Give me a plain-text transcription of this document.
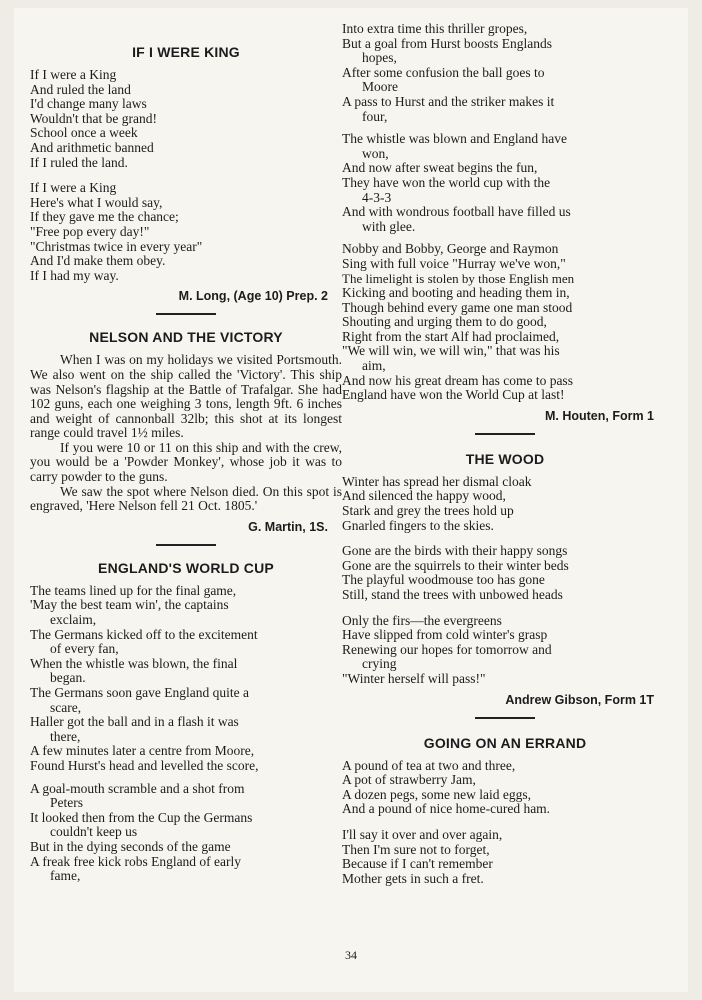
IF I WERE KING
If I were a King
And ruled the land
I'd change many laws
Wouldn't that be grand!
School once a week
And arithmetic banned
If I ruled the land.
If I were a King
Here's what I would say,
If they gave me the chance;
"Free pop every day!"
"Christmas twice in every year"
And I'd make them obey.
If I had my way.
M. Long, (Age 10) Prep. 2
NELSON AND THE VICTORY

When I was on my holidays we visited Portsmouth. We also went on the ship called the 'Victory'. This ship was Nelson's flagship at the Battle of Trafalgar. She had 102 guns, each one weighing 3 tons, length 9ft. 6 inches and weight of cannonball 32lb; this shot at its longest range could travel 1½ miles.

If you were 10 or 11 on this ship and with the crew, you would be a 'Powder Monkey', whose job it was to carry powder to the guns.

We saw the spot where Nelson died. On this spot is engraved, 'Here Nelson fell 21 Oct. 1805.'

G. Martin, 1S.
ENGLAND'S WORLD CUP
The teams lined up for the final game,
'May the best team win', the captains
exclaim,
The Germans kicked off to the excitement
of every fan,
When the whistle was blown, the final
began.
The Germans soon gave England quite a
scare,
Haller got the ball and in a flash it was
there,
A few minutes later a centre from Moore,
Found Hurst's head and levelled the score,
A goal-mouth scramble and a shot from
Peters
It looked then from the Cup the Germans
couldn't keep us
But in the dying seconds of the game
A freak free kick robs England of early
fame,
Into extra time this thriller gropes,
But a goal from Hurst boosts Englands
hopes,
After some confusion the ball goes to
Moore
A pass to Hurst and the striker makes it
four,
The whistle was blown and England have
won,
And now after sweat begins the fun,
They have won the world cup with the
4-3-3
And with wondrous football have filled us
with glee.
Nobby and Bobby, George and Raymon
Sing with full voice "Hurray we've won,"
The limelight is stolen by those English men
Kicking and booting and heading them in,
Though behind every game one man stood
Shouting and urging them to do good,
Right from the start Alf had proclaimed,
"We will win, we will win," that was his
aim,
And now his great dream has come to pass
England have won the World Cup at last!
M. Houten, Form 1
THE WOOD
Winter has spread her dismal cloak
And silenced the happy wood,
Stark and grey the trees hold up
Gnarled fingers to the skies.
Gone are the birds with their happy songs
Gone are the squirrels to their winter beds
The playful woodmouse too has gone
Still, stand the trees with unbowed heads
Only the firs—the evergreens
Have slipped from cold winter's grasp
Renewing our hopes for tomorrow and
crying
"Winter herself will pass!"
Andrew Gibson, Form 1T
GOING ON AN ERRAND
A pound of tea at two and three,
A pot of strawberry Jam,
A dozen pegs, some new laid eggs,
And a pound of nice home-cured ham.
I'll say it over and over again,
Then I'm sure not to forget,
Because if I can't remember
Mother gets in such a fret.
34
